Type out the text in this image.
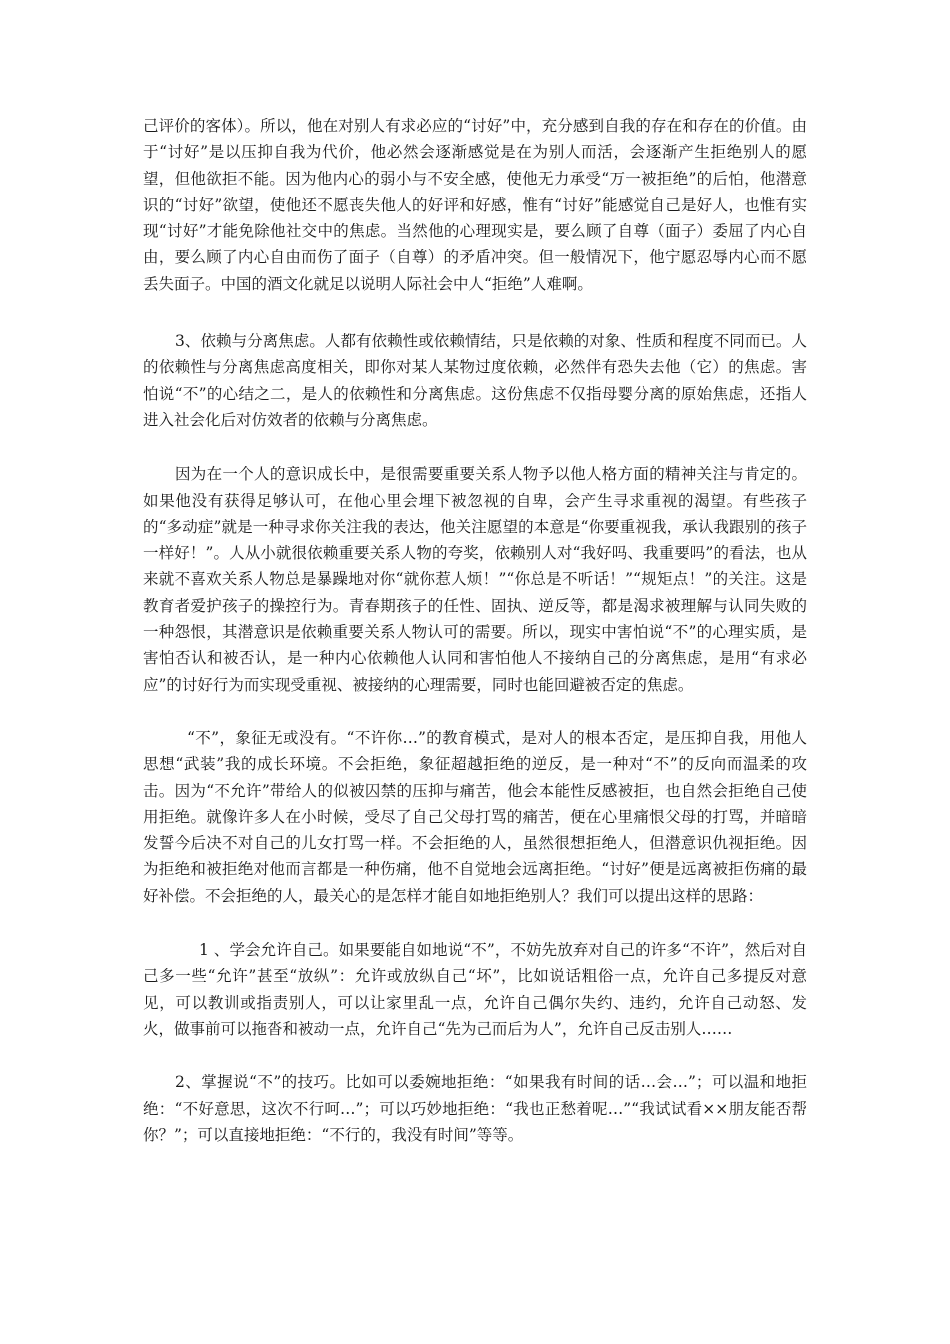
己评价的客体）。所以，他在对别人有求必应的“讨好”中，充分感到自我的存在和存在的价值。由于“讨好”是以压抑自我为代价，他必然会逐渐感觉是在为别人而活，会逐渐产生拒绝别人的愿望，但他欲拒不能。因为他内心的弱小与不安全感，使他无力承受“万一被拒绝”的后怕，他潜意识的“讨好”欲望，使他还不愿丧失他人的好评和好感，惟有“讨好”能感觉自己是好人，也惟有实现“讨好”才能免除他社交中的焦虑。当然他的心理现实是，要么顾了自尊（面子）委屈了内心自由，要么顾了内心自由而伤了面子（自尊）的矛盾冲突。但一般情况下，他宁愿忍辱内心而不愿丢失面子。中国的酒文化就足以说明人际社会中人“拒绝”人难啊。

3、依赖与分离焦虑。人都有依赖性或依赖情结，只是依赖的对象、性质和程度不同而已。人的依赖性与分离焦虑高度相关，即你对某人某物过度依赖，必然伴有恐失去他（它）的焦虑。害怕说“不”的心结之二，是人的依赖性和分离焦虑。这份焦虑不仅指母婴分离的原始焦虑，还指人进入社会化后对仿效者的依赖与分离焦虑。

因为在一个人的意识成长中，是很需要重要关系人物予以他人格方面的精神关注与肯定的。如果他没有获得足够认可，在他心里会埋下被忽视的自卑，会产生寻求重视的渴望。有些孩子的“多动症”就是一种寻求你关注我的表达，他关注愿望的本意是“你要重视我，承认我跟别的孩子一样好！”。人从小就很依赖重要关系人物的夸奖，依赖别人对“我好吗、我重要吗”的看法，也从来就不喜欢关系人物总是暴躁地对你“就你惹人烦！”“你总是不听话！”“规矩点！”的关注。这是教育者爱护孩子的操控行为。青春期孩子的任性、固执、逆反等，都是渴求被理解与认同失败的一种怨恨，其潜意识是依赖重要关系人物认可的需要。所以，现实中害怕说“不”的心理实质，是害怕否认和被否认，是一种内心依赖他人认同和害怕他人不接纳自己的分离焦虑，是用“有求必应”的讨好行为而实现受重视、被接纳的心理需要，同时也能回避被否定的焦虑。

“不”，象征无或没有。“不许你…”的教育模式，是对人的根本否定，是压抑自我，用他人思想“武装”我的成长环境。不会拒绝，象征超越拒绝的逆反，是一种对“不”的反向而温柔的攻击。因为“不允许”带给人的似被囚禁的压抑与痛苦，他会本能性反感被拒，也自然会拒绝自己使用拒绝。就像许多人在小时候，受尽了自己父母打骂的痛苦，便在心里痛恨父母的打骂，并暗暗发誓今后决不对自己的儿女打骂一样。不会拒绝的人，虽然很想拒绝人，但潜意识仇视拒绝。因为拒绝和被拒绝对他而言都是一种伤痛，他不自觉地会远离拒绝。“讨好”便是远离被拒伤痛的最好补偿。不会拒绝的人，最关心的是怎样才能自如地拒绝别人？我们可以提出这样的思路：

1 、学会允许自己。如果要能自如地说“不”，不妨先放弃对自己的许多“不许”，然后对自己多一些“允许”甚至“放纵”：允许或放纵自己“坏”，比如说话粗俗一点，允许自己多提反对意见，可以教训或指责别人，可以让家里乱一点，允许自己偶尔失约、违约，允许自己动怒、发火，做事前可以拖沓和被动一点，允许自己“先为己而后为人”，允许自己反击别人……

2、掌握说“不”的技巧。比如可以委婉地拒绝：“如果我有时间的话…会…”；可以温和地拒绝：“不好意思，这次不行呵…”；可以巧妙地拒绝：“我也正愁着呢…”“我试试看××朋友能否帮你？”；可以直接地拒绝：“不行的，我没有时间”等等。
